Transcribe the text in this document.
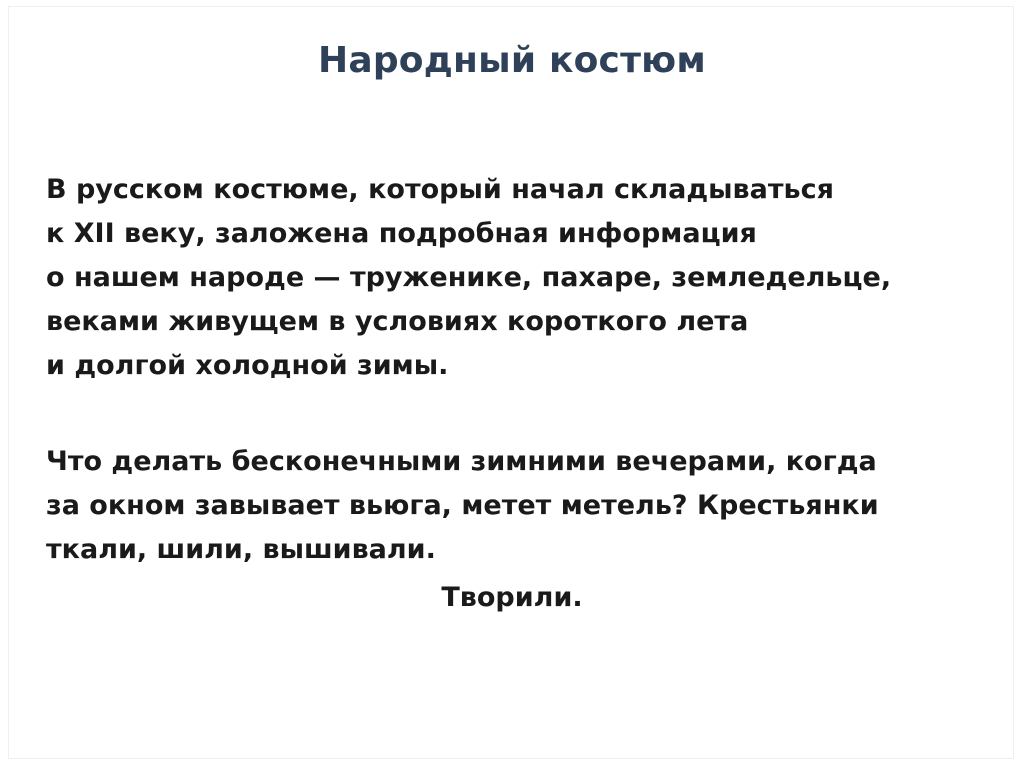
Народный костюм
В русском костюме, который начал складываться
к XII веку, заложена подробная информация
о нашем народе — труженике, пахаре, земледельце,
веками живущем в условиях короткого лета
и долгой холодной зимы.
Что делать бесконечными зимними вечерами, когда
за окном завывает вьюга, метет метель? Крестьянки
ткали, шили, вышивали.
Творили.
